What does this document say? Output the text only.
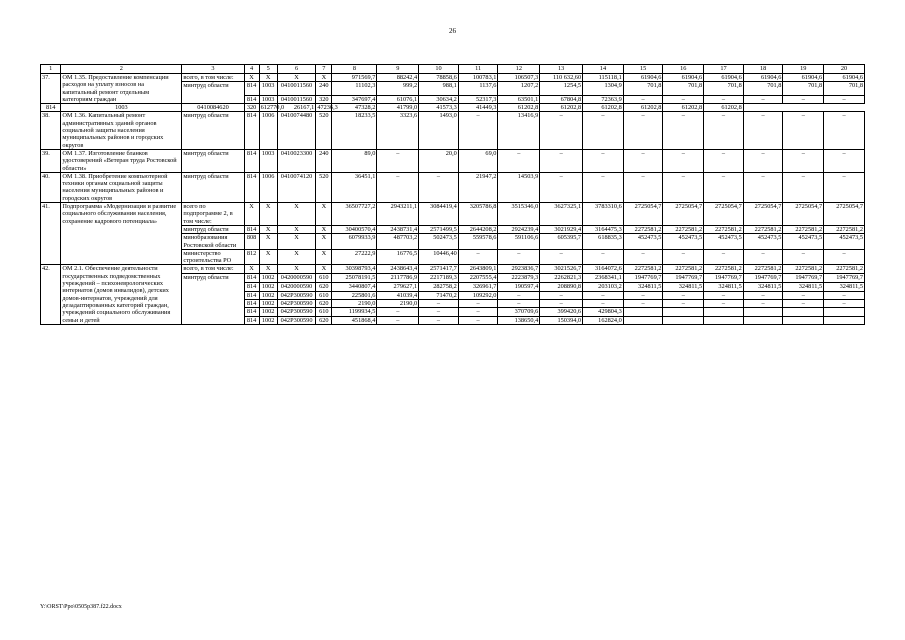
26
1	2	3	4	5	6	7	8	9	10	11	12	13	14	15	16	17	18	19	20
37.	ОМ 1.35. Предоставление компенсации расходов на уплату взносов на капитальный ремонт отдельным категориям граждан	всего, в том числе:	X	X	X	X	971569,7	88242,4	78858,6	100783,1	106507,3	110 632,60	115118,1	61904,6	61904,6	61904,6	61904,6	61904,6	61904,6
		минтруд области	814	1003	0410011560	240	11102,3	999,2	988,1	1137,6	1207,2	1254,5	1304,9	701,8	701,8	701,8	701,8	701,8	701,8
			814	1003	0410011560	320	347697,4	61076,1	30634,2	52317,3	63501,1	67804,8	72363,9	–	–	–	–	–	–
814	1003	0410084620	320	612770,0	26167,1	47236,3	47328,2	41799,0	41573,3	41449,3	61202,8	61202,8	61202,8	61202,8	61202,8	61202,8			
38.	ОМ 1.36. Капитальный ремонт административных зданий органов социальной защиты населения муниципальных районов и городских округов	минтруд области	814	1006	0410074480	520	18233,5	3323,6	1493,0	–	13416,9	–	–	–	–	–	–	–	–
39.	ОМ 1.37. Изготовление бланков удостоверений «Ветеран труда Ростовской области»	минтруд области	814	1003	0410023300	240	89,0	–	20,0	69,0	–	–	–	–	–	–	–	–	–
40.	ОМ 1.38. Приобретение компьютерной техники органам социальной защиты населения муниципальных районов и городских округов	минтруд области	814	1006	0410074120	520	36451,1	–	–	21947,2	14503,9	–	–	–	–	–	–	–	–
41.	Подпрограмма «Модернизация и развитие социального обслуживания населения, сохранение кадрового потенциала»	всего по подпрограмме 2, в том числе:	X	X	X	X	36507727,2	2943211,1	3084419,4	3205786,8	3515346,0	3627325,1	3783310,6	2725054,7	2725054,7	2725054,7	2725054,7	2725054,7	2725054,7
		минтруд области	814	X	X	X	30400570,4	2438731,4	2571499,5	2644208,2	2924239,4	3021929,4	3164475,3	2272581,2	2272581,2	2272581,2	2272581,2	2272581,2	2272581,2
		минобразования Ростовской области	808	X	X	X	6079933,9	487703,2	502473,5	559578,6	591106,6	605395,7	618835,3	452473,5	452473,5	452473,5	452473,5	452473,5	452473,5
		министерство строительства РО	812	X	X	X	27222,9	16776,5	10446,40	–	–	–	–	–	–	–	–	–	–
42.	ОМ 2.1. Обеспечение деятельности государственных подведомственных учреждений – психоневрологических интернатов (домов инвалидов), детских домов-интернатов, учреждений для дезадаптированных категорий граждан, учреждений социального обслуживания семьи и детей	всего, в том числе:	X	X	X	X	30398793,4	2438643,4	2571417,7	2643809,1	2923836,7	3021526,7	3164072,6	2272581,2	2272581,2	2272581,2	2272581,2	2272581,2	2272581,2
		минтруд области	814	1002	0420000590	610	25078191,5	2117786,9	2217189,3	2207555,4	2223879,3	2262821,3	2368341,1	1947769,7	1947769,7	1947769,7	1947769,7	1947769,7	1947769,7
			814	1002	0420000590	620	3440807,4	279627,1	282758,2	326961,7	190597,4	208890,8	203103,2	324811,5	324811,5	324811,5	324811,5	324811,5	324811,5
			814	1002	042P300590	610	225801,6	41039,4	71470,2	109292,0	–	–	–	–	–	–	–	–	–
			814	1002	042P300590	620	2190,0	2190,0	–	–	–	–	–	–	–	–	–	–	–
			814	1002	042P300590	610	1199934,5	–	–	–	370709,6	399420,6	429804,3						
			814	1002	042P300590	620	451868,4	–	–	–	138650,4	150394,0	162824,0						
Y:\ORST\Ppo\0505p387.f22.docx
